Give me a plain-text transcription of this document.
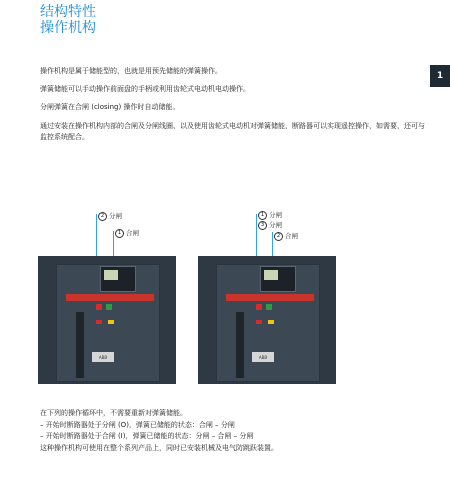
结构特性
操作机构
1
操作机构是属于储能型的，也就是用预先储能的弹簧操作。
弹簧储能可以手动操作前面盘的手柄或利用齿轮式电动机电动操作。
分闸弹簧在合闸 (closing) 操作时自动储能。
通过安装在操作机构内部的合闸及分闸线圈、以及使用齿轮式电动机对弹簧储能，断路器可以实现遥控操作，如需要，还可与监控系统配合。
2 分闸
1 合闸
1 分闸
3 分闸
2 合闸
ABB	ABB
在下列的操作循环中，不需要重新对弹簧储能。
– 开始时断路器处于分闸 (O)，弹簧已储能的状态：合闸 – 分闸
– 开始时断路器处于合闸 (I)，弹簧已储能的状态：分闸 – 合闸 – 分闸
这种操作机构可使用在整个系列产品上，同时已安装机械及电气防跳跃装置。
